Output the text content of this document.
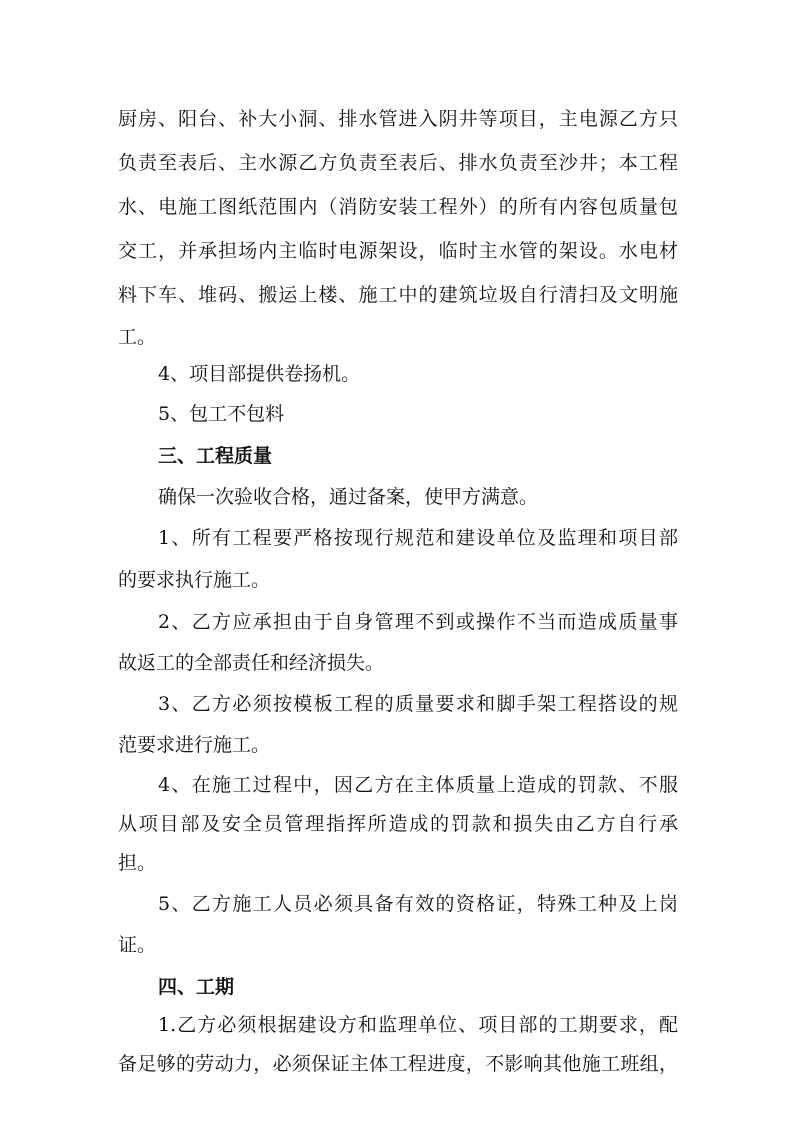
厨房、阳台、补大小洞、排水管进入阴井等项目，主电源乙方只
负责至表后、主水源乙方负责至表后、排水负责至沙井；本工程
水、电施工图纸范围内（消防安装工程外）的所有内容包质量包
交工，并承担场内主临时电源架设，临时主水管的架设。水电材
料下车、堆码、搬运上楼、施工中的建筑垃圾自行清扫及文明施
工。
4、项目部提供卷扬机。
5、包工不包料
三、工程质量
确保一次验收合格，通过备案，使甲方满意。
1、所有工程要严格按现行规范和建设单位及监理和项目部
的要求执行施工。
2、乙方应承担由于自身管理不到或操作不当而造成质量事
故返工的全部责任和经济损失。
3、乙方必须按模板工程的质量要求和脚手架工程搭设的规
范要求进行施工。
4、在施工过程中，因乙方在主体质量上造成的罚款、不服
从项目部及安全员管理指挥所造成的罚款和损失由乙方自行承
担。
5、乙方施工人员必须具备有效的资格证，特殊工种及上岗
证。
四、工期
1.乙方必须根据建设方和监理单位、项目部的工期要求，配
备足够的劳动力，必须保证主体工程进度，不影响其他施工班组，
